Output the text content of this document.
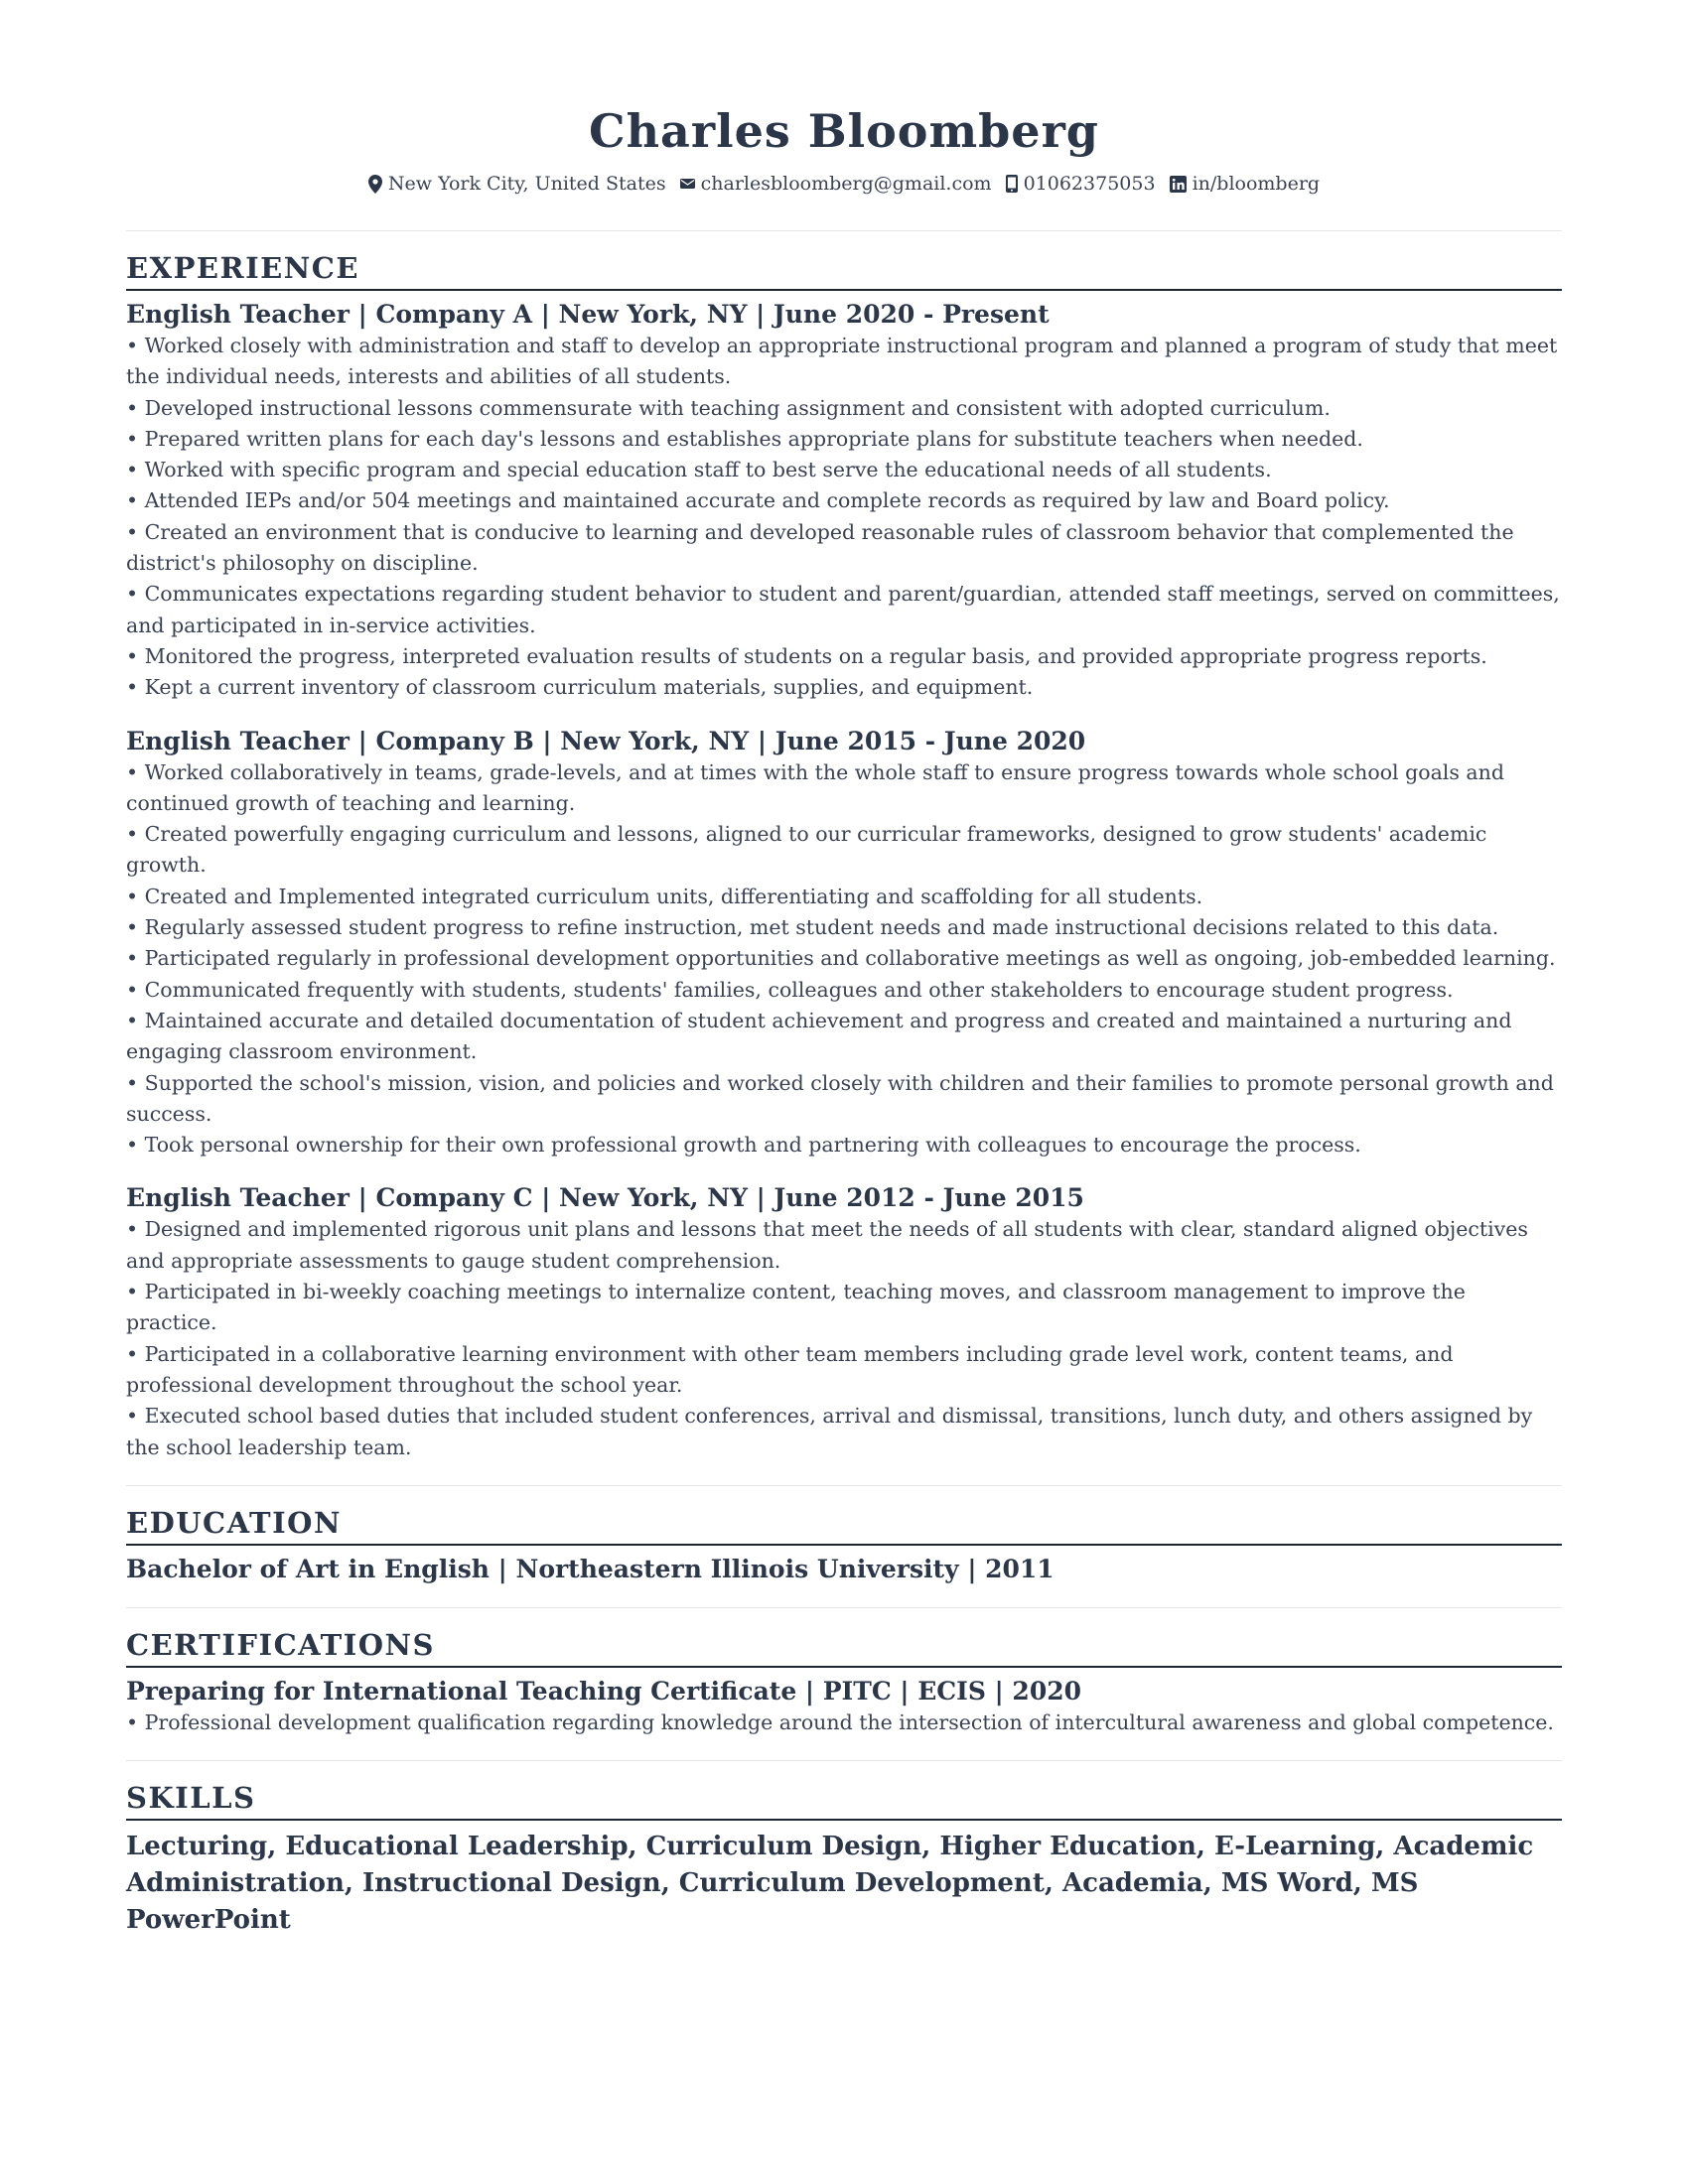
Charles Bloomberg
New York City, United States charlesbloomberg@gmail.com 01062375053 in/bloomberg
EXPERIENCE
English Teacher | Company A | New York, NY | June 2020 - Present
• Worked closely with administration and staff to develop an appropriate instructional program and planned a program of study that meet the individual needs, interests and abilities of all students.
• Developed instructional lessons commensurate with teaching assignment and consistent with adopted curriculum.
• Prepared written plans for each day's lessons and establishes appropriate plans for substitute teachers when needed.
• Worked with specific program and special education staff to best serve the educational needs of all students.
• Attended IEPs and/or 504 meetings and maintained accurate and complete records as required by law and Board policy.
• Created an environment that is conducive to learning and developed reasonable rules of classroom behavior that complemented the district's philosophy on discipline.
• Communicates expectations regarding student behavior to student and parent/guardian, attended staff meetings, served on committees, and participated in in-service activities.
• Monitored the progress, interpreted evaluation results of students on a regular basis, and provided appropriate progress reports.
• Kept a current inventory of classroom curriculum materials, supplies, and equipment.
English Teacher | Company B | New York, NY | June 2015 - June 2020
• Worked collaboratively in teams, grade-levels, and at times with the whole staff to ensure progress towards whole school goals and continued growth of teaching and learning.
• Created powerfully engaging curriculum and lessons, aligned to our curricular frameworks, designed to grow students' academic growth.
• Created and Implemented integrated curriculum units, differentiating and scaffolding for all students.
• Regularly assessed student progress to refine instruction, met student needs and made instructional decisions related to this data.
• Participated regularly in professional development opportunities and collaborative meetings as well as ongoing, job-embedded learning.
• Communicated frequently with students, students' families, colleagues and other stakeholders to encourage student progress.
• Maintained accurate and detailed documentation of student achievement and progress and created and maintained a nurturing and engaging classroom environment.
• Supported the school's mission, vision, and policies and worked closely with children and their families to promote personal growth and success.
• Took personal ownership for their own professional growth and partnering with colleagues to encourage the process.
English Teacher | Company C | New York, NY | June 2012 - June 2015
• Designed and implemented rigorous unit plans and lessons that meet the needs of all students with clear, standard aligned objectives and appropriate assessments to gauge student comprehension.
• Participated in bi-weekly coaching meetings to internalize content, teaching moves, and classroom management to improve the practice.
• Participated in a collaborative learning environment with other team members including grade level work, content teams, and professional development throughout the school year.
• Executed school based duties that included student conferences, arrival and dismissal, transitions, lunch duty, and others assigned by the school leadership team.
EDUCATION
Bachelor of Art in English | Northeastern Illinois University | 2011
CERTIFICATIONS
Preparing for International Teaching Certificate | PITC | ECIS | 2020
• Professional development qualification regarding knowledge around the intersection of intercultural awareness and global competence.
SKILLS
Lecturing, Educational Leadership, Curriculum Design, Higher Education, E-Learning, Academic Administration, Instructional Design, Curriculum Development, Academia, MS Word, MS PowerPoint
